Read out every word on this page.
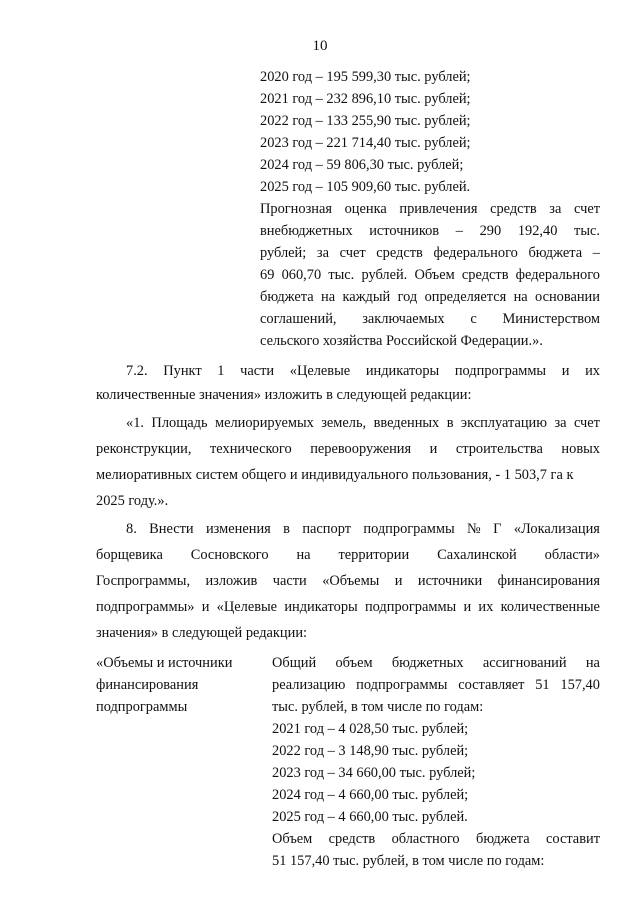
10
2020 год – 195 599,30 тыс. рублей;
2021 год – 232 896,10 тыс. рублей;
2022 год – 133 255,90 тыс. рублей;
2023 год – 221 714,40 тыс. рублей;
2024 год – 59 806,30 тыс. рублей;
2025 год – 105 909,60 тыс. рублей.
Прогнозная оценка привлечения средств за счет
внебюджетных источников – 290 192,40 тыс.
рублей; за счет средств федерального бюджета –
69 060,70 тыс. рублей. Объем средств федерального
бюджета на каждый год определяется на основании
соглашений, заключаемых с Министерством
сельского хозяйства Российской Федерации.».
7.2. Пункт 1 части «Целевые индикаторы подпрограммы и их
количественные значения» изложить в следующей редакции:
«1. Площадь мелиорируемых земель, введенных в эксплуатацию за счет
реконструкции, технического перевооружения и строительства новых
мелиоративных систем общего и индивидуального пользования, - 1 503,7 га к
2025 году.».
8. Внести изменения в паспорт подпрограммы № Г «Локализация
борщевика Сосновского на территории Сахалинской области»
Госпрограммы, изложив части «Объемы и источники финансирования
подпрограммы» и «Целевые индикаторы подпрограммы и их количественные
значения» в следующей редакции:
«Объемы и источники
финансирования
подпрограммы
Общий объем бюджетных ассигнований на
реализацию подпрограммы составляет 51 157,40
тыс. рублей, в том числе по годам:
2021 год – 4 028,50 тыс. рублей;
2022 год – 3 148,90 тыс. рублей;
2023 год – 34 660,00 тыс. рублей;
2024 год – 4 660,00 тыс. рублей;
2025 год – 4 660,00 тыс. рублей.
Объем средств областного бюджета составит
51 157,40 тыс. рублей, в том числе по годам:
